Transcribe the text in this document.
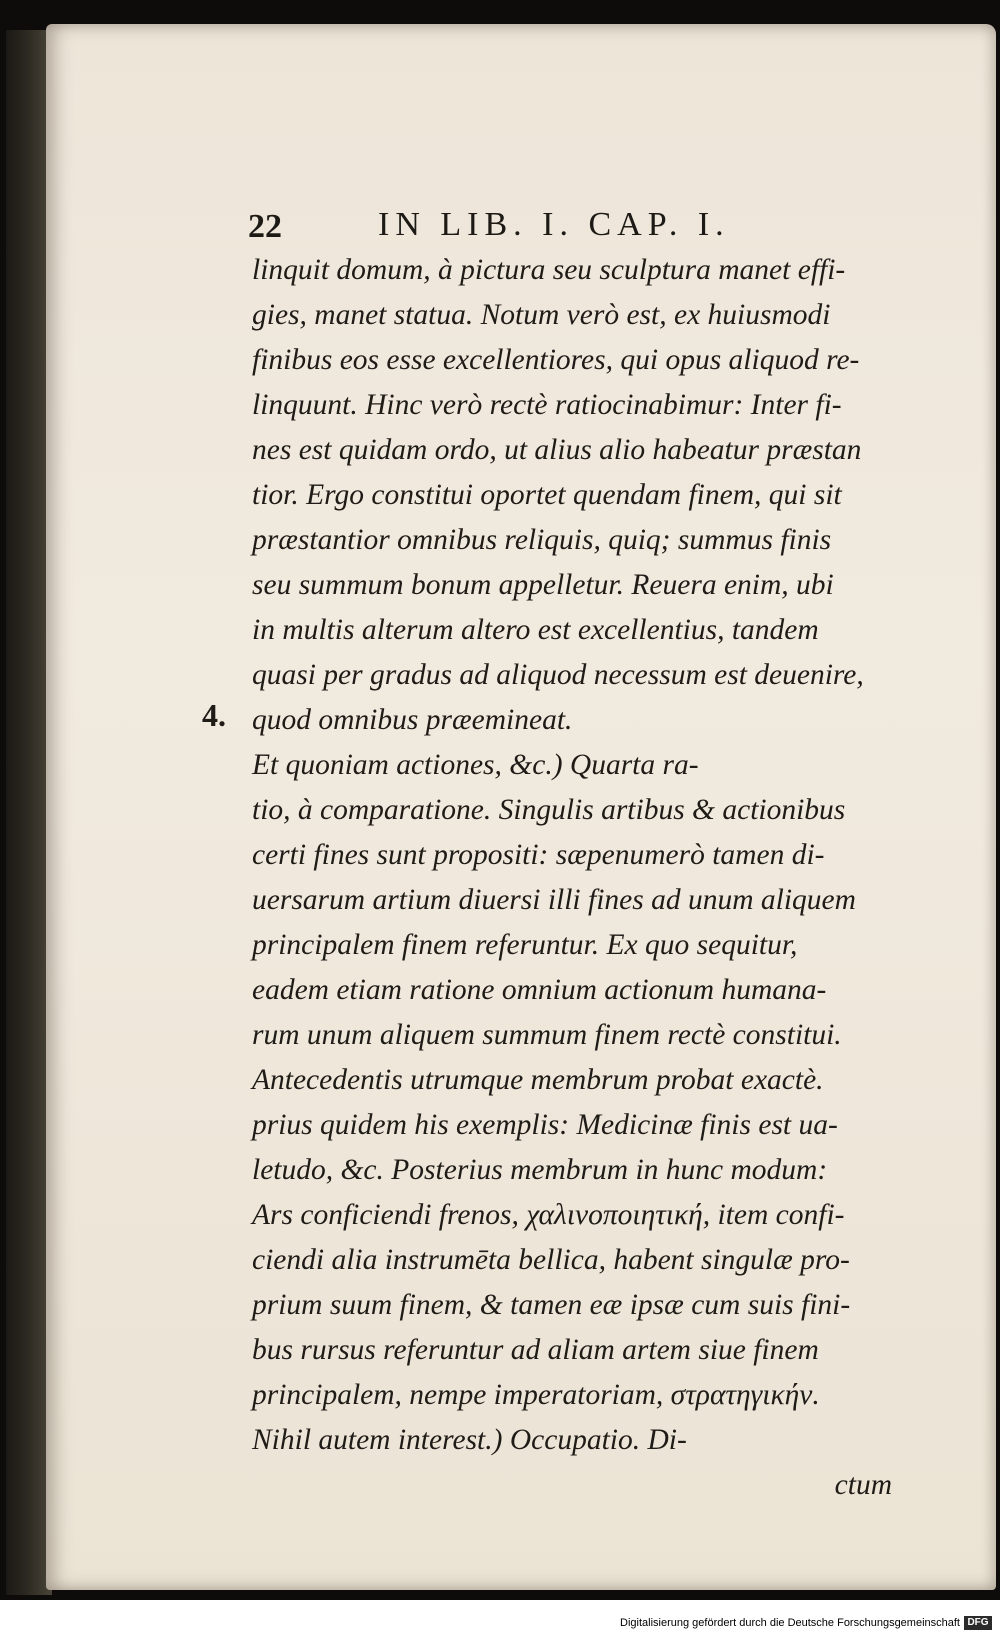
22	IN LIB. I. CAP. I.
4.
linquit domum, à pictura seu sculptura manet effi-
gies, manet statua. Notum verò est, ex huiusmodi
finibus eos esse excellentiores, qui opus aliquod re-
linquunt. Hinc verò rectè ratiocinabimur: Inter fi-
nes est quidam ordo, ut alius alio habeatur præstan
tior. Ergo constitui oportet quendam finem, qui sit
præstantior omnibus reliquis, quiq; summus finis
seu summum bonum appelletur. Reuera enim, ubi
in multis alterum altero est excellentius, tandem
quasi per gradus ad aliquod necessum est deuenire,
quod omnibus præemineat.
Et quoniam actiones, &c.) Quarta ra-
tio, à comparatione. Singulis artibus & actionibus
certi fines sunt propositi: sæpenumerò tamen di-
uersarum artium diuersi illi fines ad unum aliquem
principalem finem referuntur. Ex quo sequitur,
eadem etiam ratione omnium actionum humana-
rum unum aliquem summum finem rectè constitui.
Antecedentis utrumque membrum probat exactè.
prius quidem his exemplis: Medicinæ finis est ua-
letudo, &c. Posterius membrum in hunc modum:
Ars conficiendi frenos, χαλινοποιητική, item confi-
ciendi alia instrumēta bellica, habent singulæ pro-
prium suum finem, & tamen eæ ipsæ cum suis fini-
bus rursus referuntur ad aliam artem siue finem
principalem, nempe imperatoriam, στρατηγικήν.
Nihil autem interest.) Occupatio. Di-
ctum
Digitalisierung gefördert durch die Deutsche Forschungsgemeinschaft DFG
